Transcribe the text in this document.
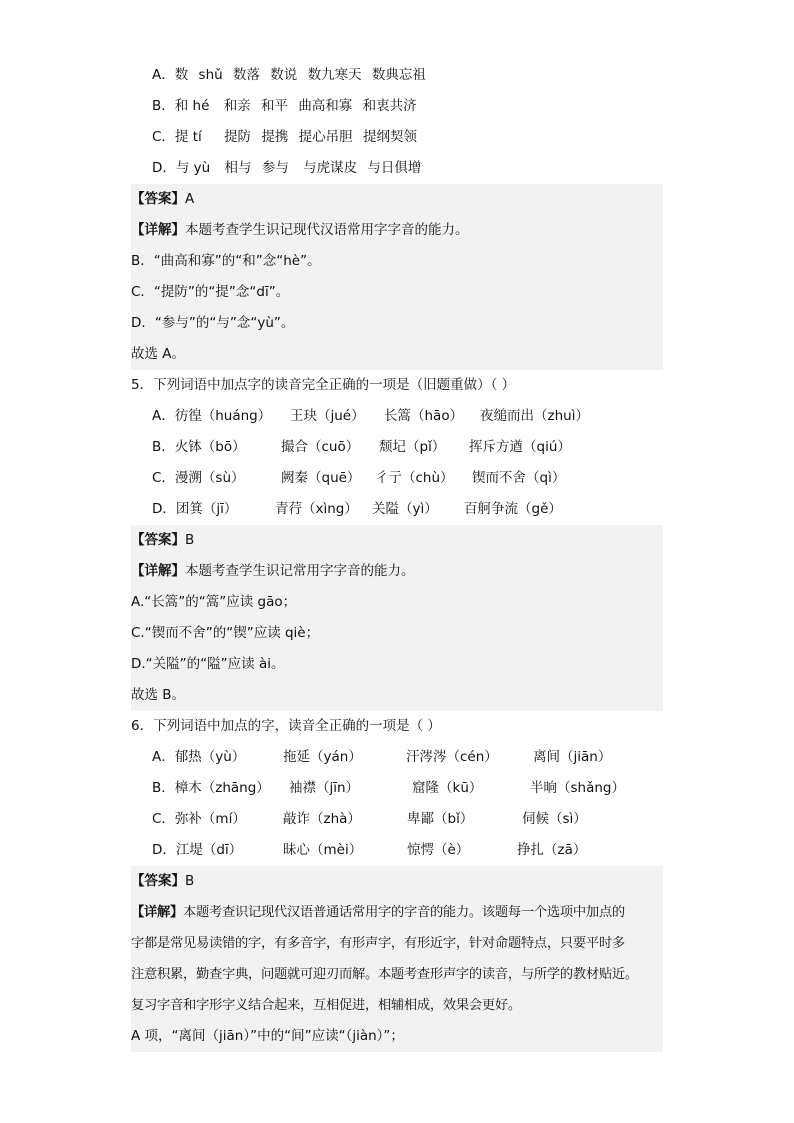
A．数 shǔ 数落 数说 数九寒天 数典忘祖
B．和 hé 和亲 和平 曲高和寡 和衷共济
C．提 tí 提防 提携 提心吊胆 提纲契领
D．与 yù 相与 参与 与虎谋皮 与日俱增
【答案】A
【详解】本题考查学生识记现代汉语常用字字音的能力。
B．“曲高和寡”的“和”念“hè”。
C．“提防”的“提”念“dī”。
D．“参与”的“与”念“yù”。
故选 A。
5．下列词语中加点字的读音完全正确的一项是（旧题重做）（ ）
A．彷徨（huáng） 王玦（jué） 长篙（hāo） 夜缒而出（zhuì）
B．火钵（bō）	撮合（cuō） 颓圮（pǐ） 挥斥方遒（qiú）
C．漫溯（sù）	阙秦（quē） 彳亍（chù） 锲而不舍（qì）
D．团箕（jī）	青荇（xìng） 关隘（yì） 百舸争流（gě）
【答案】B
【详解】本题考查学生识记常用字字音的能力。
A.“长篙”的“篙”应读 gāo；
C.“锲而不舍”的“锲”应读 qiè；
D.“关隘”的“隘”应读 ài。
故选 B。
6．下列词语中加点的字，读音全正确的一项是（ ）
A．郁热（yù）	拖延（yán）	汗涔涔（cén）	离间（jiān）
B．樟木（zhāng） 袖襟（jīn）	窟隆（kū）	半晌（shǎng）
C．弥补（mí）	敲诈（zhà）	卑鄙（bǐ）	伺候（sì）
D．江堤（dī）	昧心（mèi）	惊愕（è）	挣扎（zā）
【答案】B
【详解】本题考查识记现代汉语普通话常用字的字音的能力。该题每一个选项中加点的
字都是常见易读错的字，有多音字，有形声字，有形近字，针对命题特点，只要平时多
注意积累，勤查字典，问题就可迎刃而解。本题考查形声字的读音，与所学的教材贴近。
复习字音和字形字义结合起来，互相促进，相辅相成，效果会更好。
A 项，“离间（jiān）”中的“间”应读“（jiàn）”；
